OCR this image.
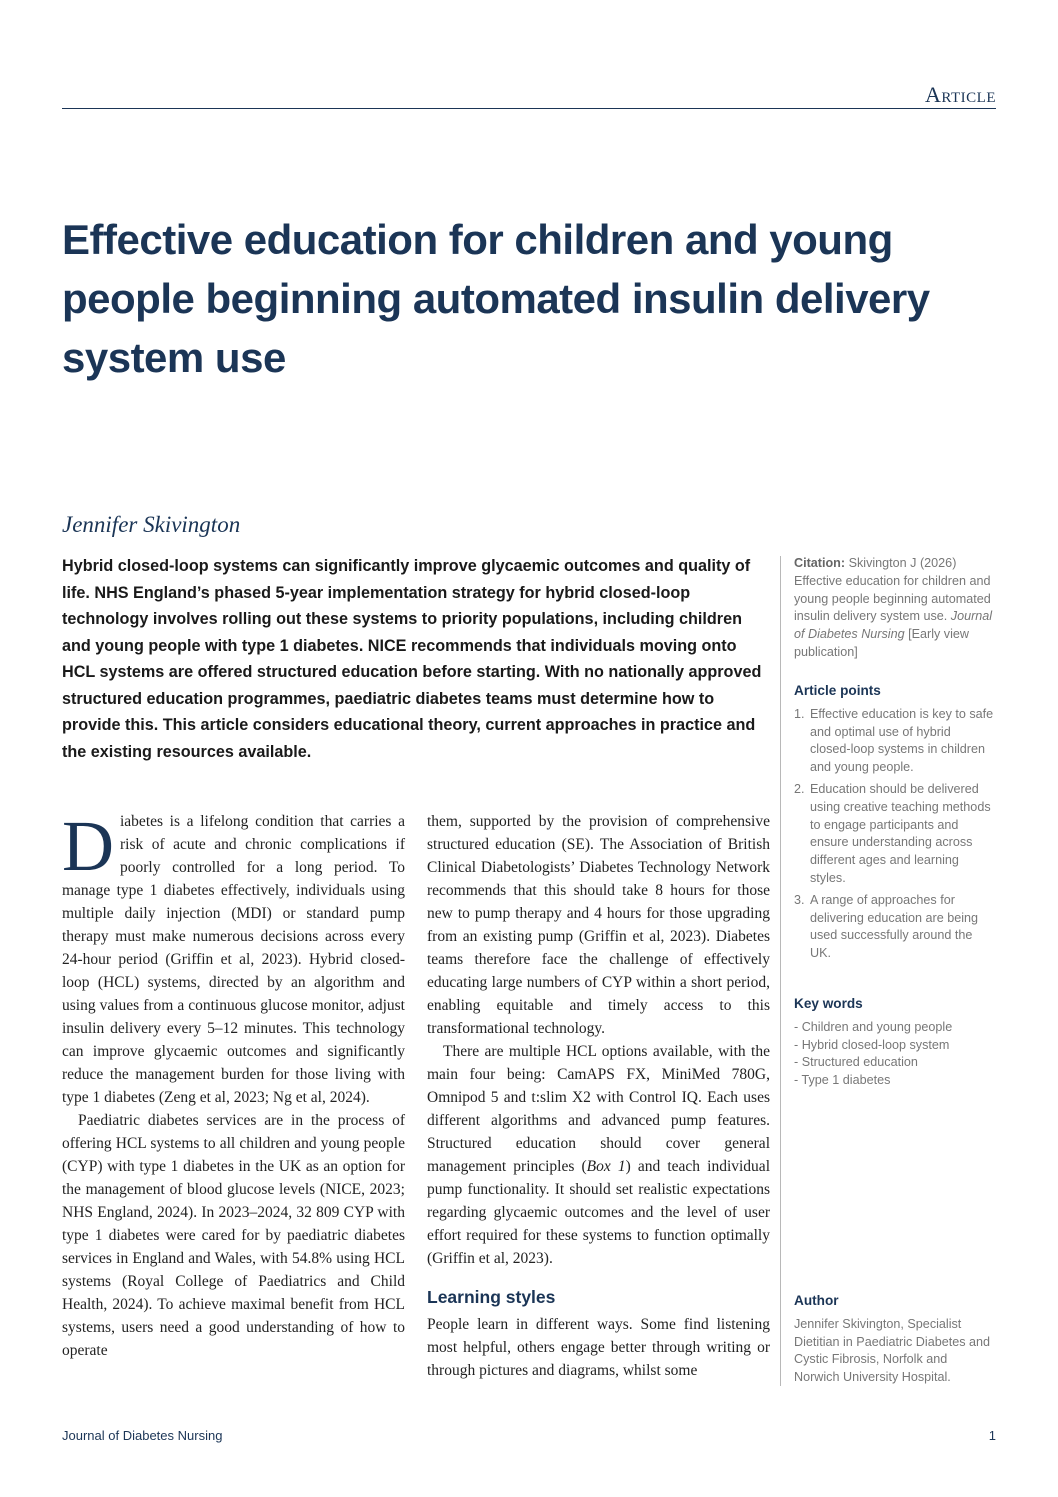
Article
Effective education for children and young people beginning automated insulin delivery system use
Jennifer Skivington

Hybrid closed-loop systems can significantly improve glycaemic outcomes and quality of life. NHS England’s phased 5-year implementation strategy for hybrid closed-loop technology involves rolling out these systems to priority populations, including children and young people with type 1 diabetes. NICE recommends that individuals moving onto HCL systems are offered structured education before starting. With no nationally approved structured education programmes, paediatric diabetes teams must determine how to provide this. This article considers educational theory, current approaches in practice and the existing resources available.

Diabetes is a lifelong condition that carries a risk of acute and chronic complications if poorly controlled for a long period. To manage type 1 diabetes effectively, individuals using multiple daily injection (MDI) or standard pump therapy must make numerous decisions across every 24-hour period (Griffin et al, 2023). Hybrid closed-loop (HCL) systems, directed by an algorithm and using values from a continuous glucose monitor, adjust insulin delivery every 5–12 minutes. This technology can improve glycaemic outcomes and significantly reduce the management burden for those living with type 1 diabetes (Zeng et al, 2023; Ng et al, 2024).

Paediatric diabetes services are in the process of offering HCL systems to all children and young people (CYP) with type 1 diabetes in the UK as an option for the management of blood glucose levels (NICE, 2023; NHS England, 2024). In 2023–2024, 32 809 CYP with type 1 diabetes were cared for by paediatric diabetes services in England and Wales, with 54.8% using HCL systems (Royal College of Paediatrics and Child Health, 2024). To achieve maximal benefit from HCL systems, users need a good understanding of how to operate

them, supported by the provision of comprehensive structured education (SE). The Association of British Clinical Diabetologists’ Diabetes Technology Network recommends that this should take 8 hours for those new to pump therapy and 4 hours for those upgrading from an existing pump (Griffin et al, 2023). Diabetes teams therefore face the challenge of effectively educating large numbers of CYP within a short period, enabling equitable and timely access to this transformational technology.

There are multiple HCL options available, with the main four being: CamAPS FX, MiniMed 780G, Omnipod 5 and t:slim X2 with Control IQ. Each uses different algorithms and advanced pump features. Structured education should cover general management principles (Box 1) and teach individual pump functionality. It should set realistic expectations regarding glycaemic outcomes and the level of user effort required for these systems to function optimally (Griffin et al, 2023).

Learning styles

People learn in different ways. Some find listening most helpful, others engage better through writing or through pictures and diagrams, whilst some

Citation: Skivington J (2026) Effective education for children and young people beginning automated insulin delivery system use. Journal of Diabetes Nursing [Early view publication]
Article points
1. Effective education is key to safe and optimal use of hybrid closed-loop systems in children and young people.
2. Education should be delivered using creative teaching methods to engage participants and ensure understanding across different ages and learning styles.
3. A range of approaches for delivering education are being used successfully around the UK.
Key words
- Children and young people
- Hybrid closed-loop system
- Structured education
- Type 1 diabetes
Author
Jennifer Skivington, Specialist Dietitian in Paediatric Diabetes and Cystic Fibrosis, Norfolk and Norwich University Hospital.
Journal of Diabetes Nursing	1
